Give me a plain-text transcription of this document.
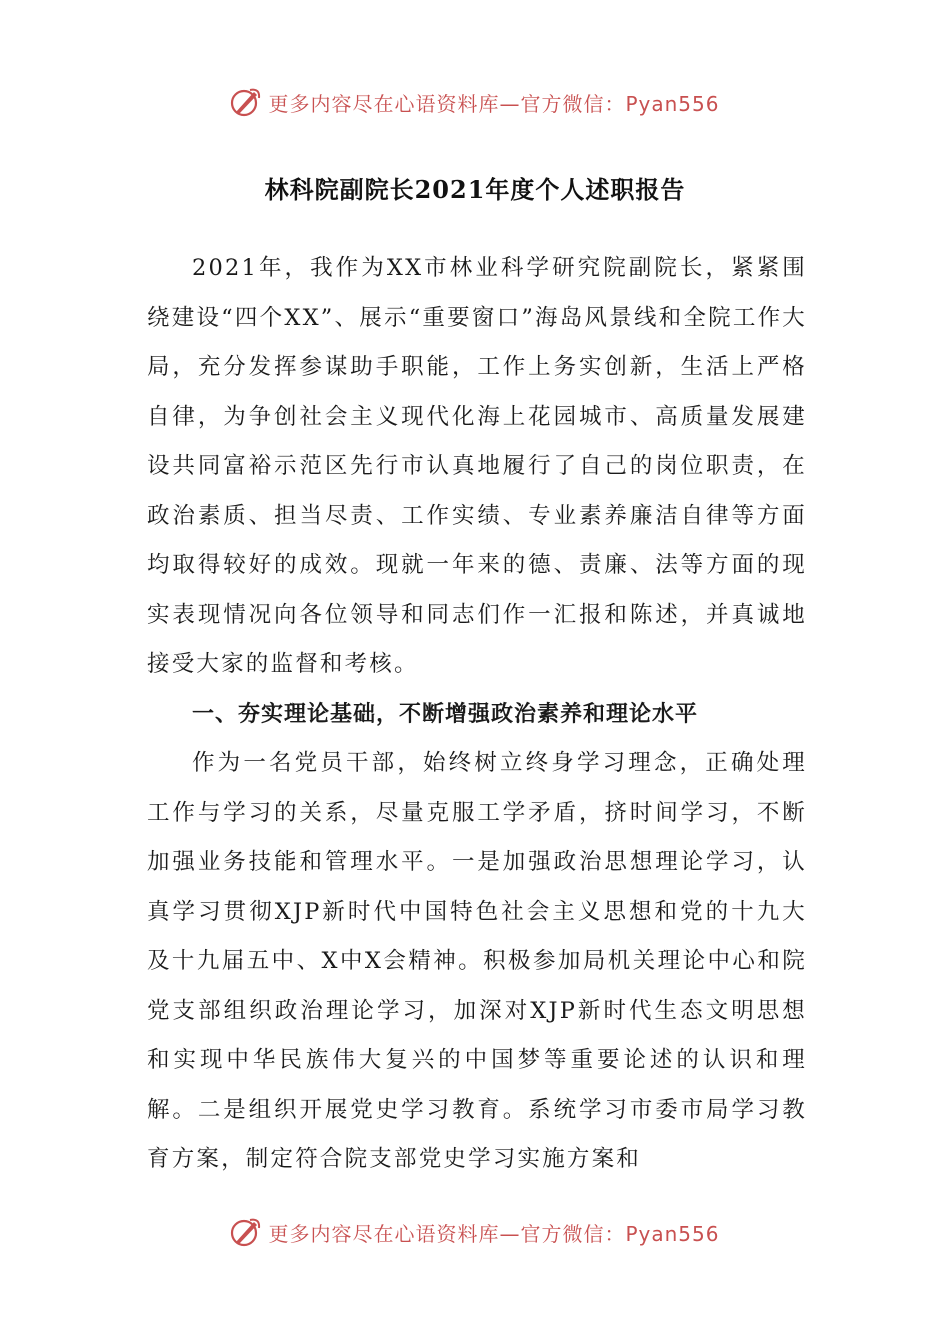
更多内容尽在心语资料库—官方微信：Pyan556
林科院副院长2021年度个人述职报告

2021年，我作为XX市林业科学研究院副院长，紧紧围绕建设“四个XX”、展示“重要窗口”海岛风景线和全院工作大局，充分发挥参谋助手职能，工作上务实创新，生活上严格自律，为争创社会主义现代化海上花园城市、高质量发展建设共同富裕示范区先行市认真地履行了自己的岗位职责，在政治素质、担当尽责、工作实绩、专业素养廉洁自律等方面均取得较好的成效。现就一年来的德、责廉、法等方面的现实表现情况向各位领导和同志们作一汇报和陈述，并真诚地接受大家的监督和考核。

一、夯实理论基础，不断增强政治素养和理论水平

作为一名党员干部，始终树立终身学习理念，正确处理工作与学习的关系，尽量克服工学矛盾，挤时间学习，不断加强业务技能和管理水平。一是加强政治思想理论学习，认真学习贯彻XJP新时代中国特色社会主义思想和党的十九大及十九届五中、X中X会精神。积极参加局机关理论中心和院党支部组织政治理论学习，加深对XJP新时代生态文明思想和实现中华民族伟大复兴的中国梦等重要论述的认识和理解。二是组织开展党史学习教育。系统学习市委市局学习教育方案，制定符合院支部党史学习实施方案和

更多内容尽在心语资料库—官方微信：Pyan556
